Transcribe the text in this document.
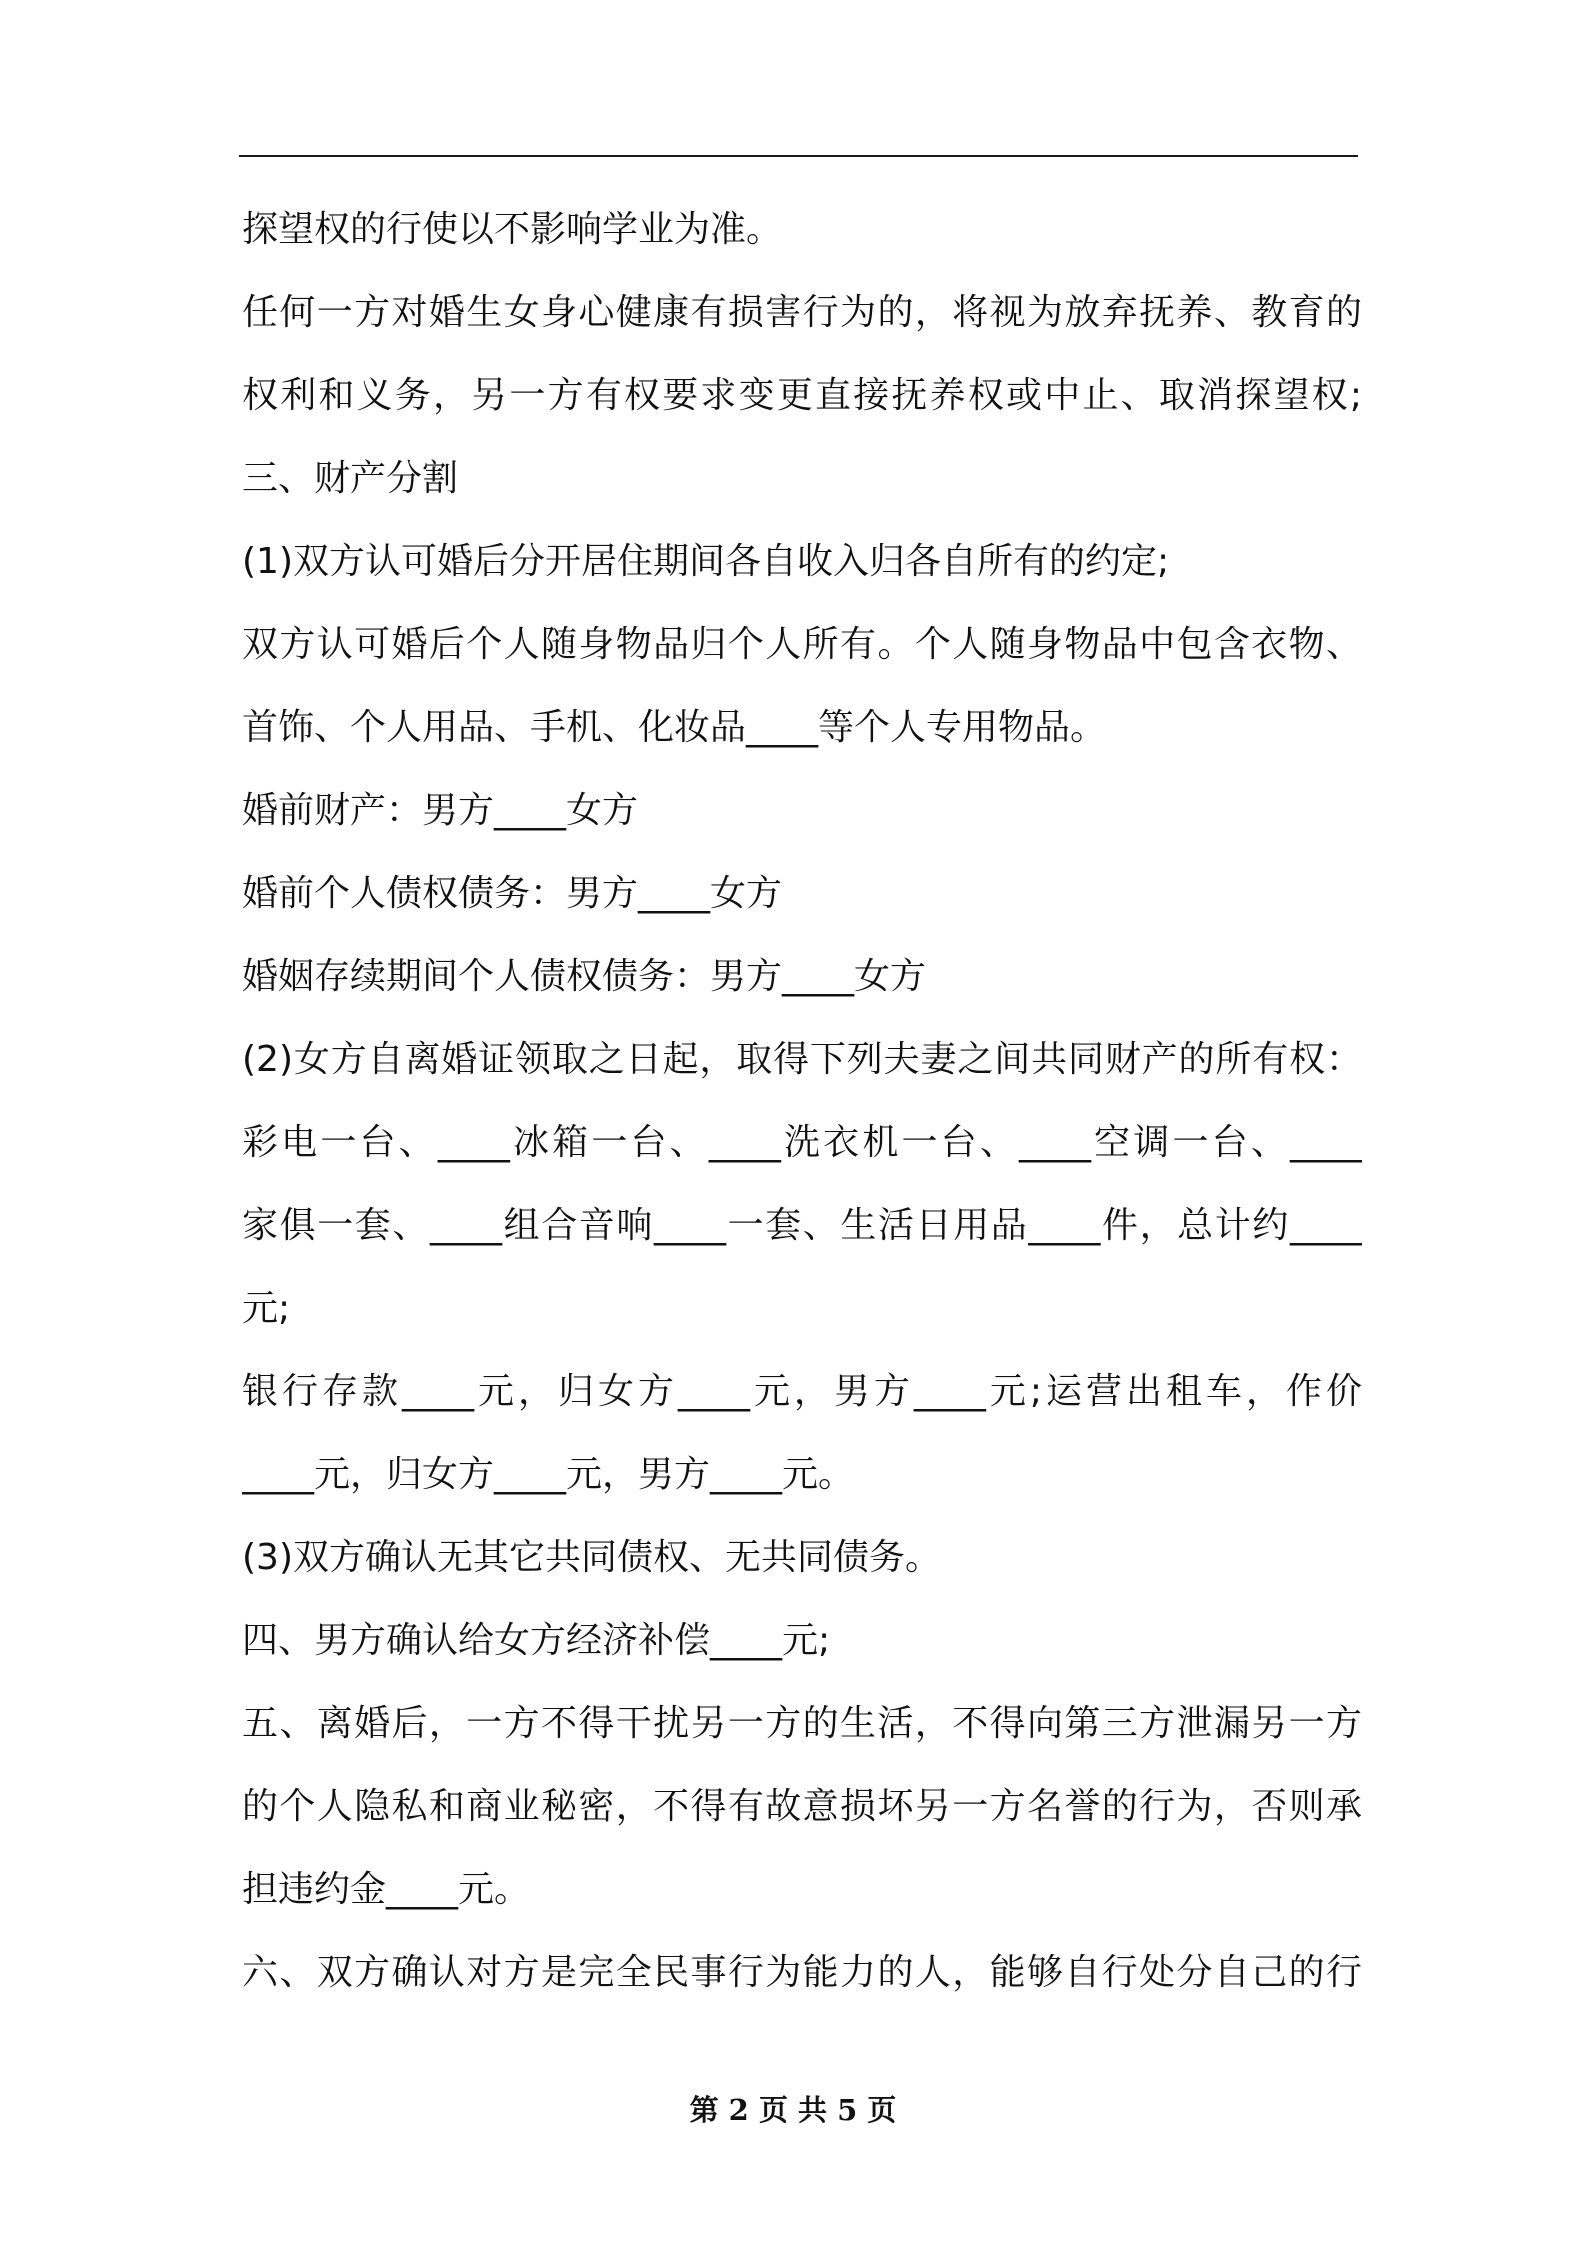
探望权的行使以不影响学业为准。
任何一方对婚生女身心健康有损害行为的，将视为放弃抚养、教育的
权利和义务，另一方有权要求变更直接抚养权或中止、取消探望权;
三、财产分割
(1)双方认可婚后分开居住期间各自收入归各自所有的约定;
双方认可婚后个人随身物品归个人所有。个人随身物品中包含衣物、
首饰、个人用品、手机、化妆品____等个人专用物品。
婚前财产：男方____女方
婚前个人债权债务：男方____女方
婚姻存续期间个人债权债务：男方____女方
(2)女方自离婚证领取之日起，取得下列夫妻之间共同财产的所有权：
彩电一台、____冰箱一台、____洗衣机一台、____空调一台、____
家俱一套、____组合音响____一套、生活日用品____件，总计约____
元;
银行存款____元，归女方____元，男方____元;运营出租车，作价
____元，归女方____元，男方____元。
(3)双方确认无其它共同债权、无共同债务。
四、男方确认给女方经济补偿____元;
五、离婚后，一方不得干扰另一方的生活，不得向第三方泄漏另一方
的个人隐私和商业秘密，不得有故意损坏另一方名誉的行为，否则承
担违约金____元。
六、双方确认对方是完全民事行为能力的人，能够自行处分自己的行
第 2 页 共 5 页
